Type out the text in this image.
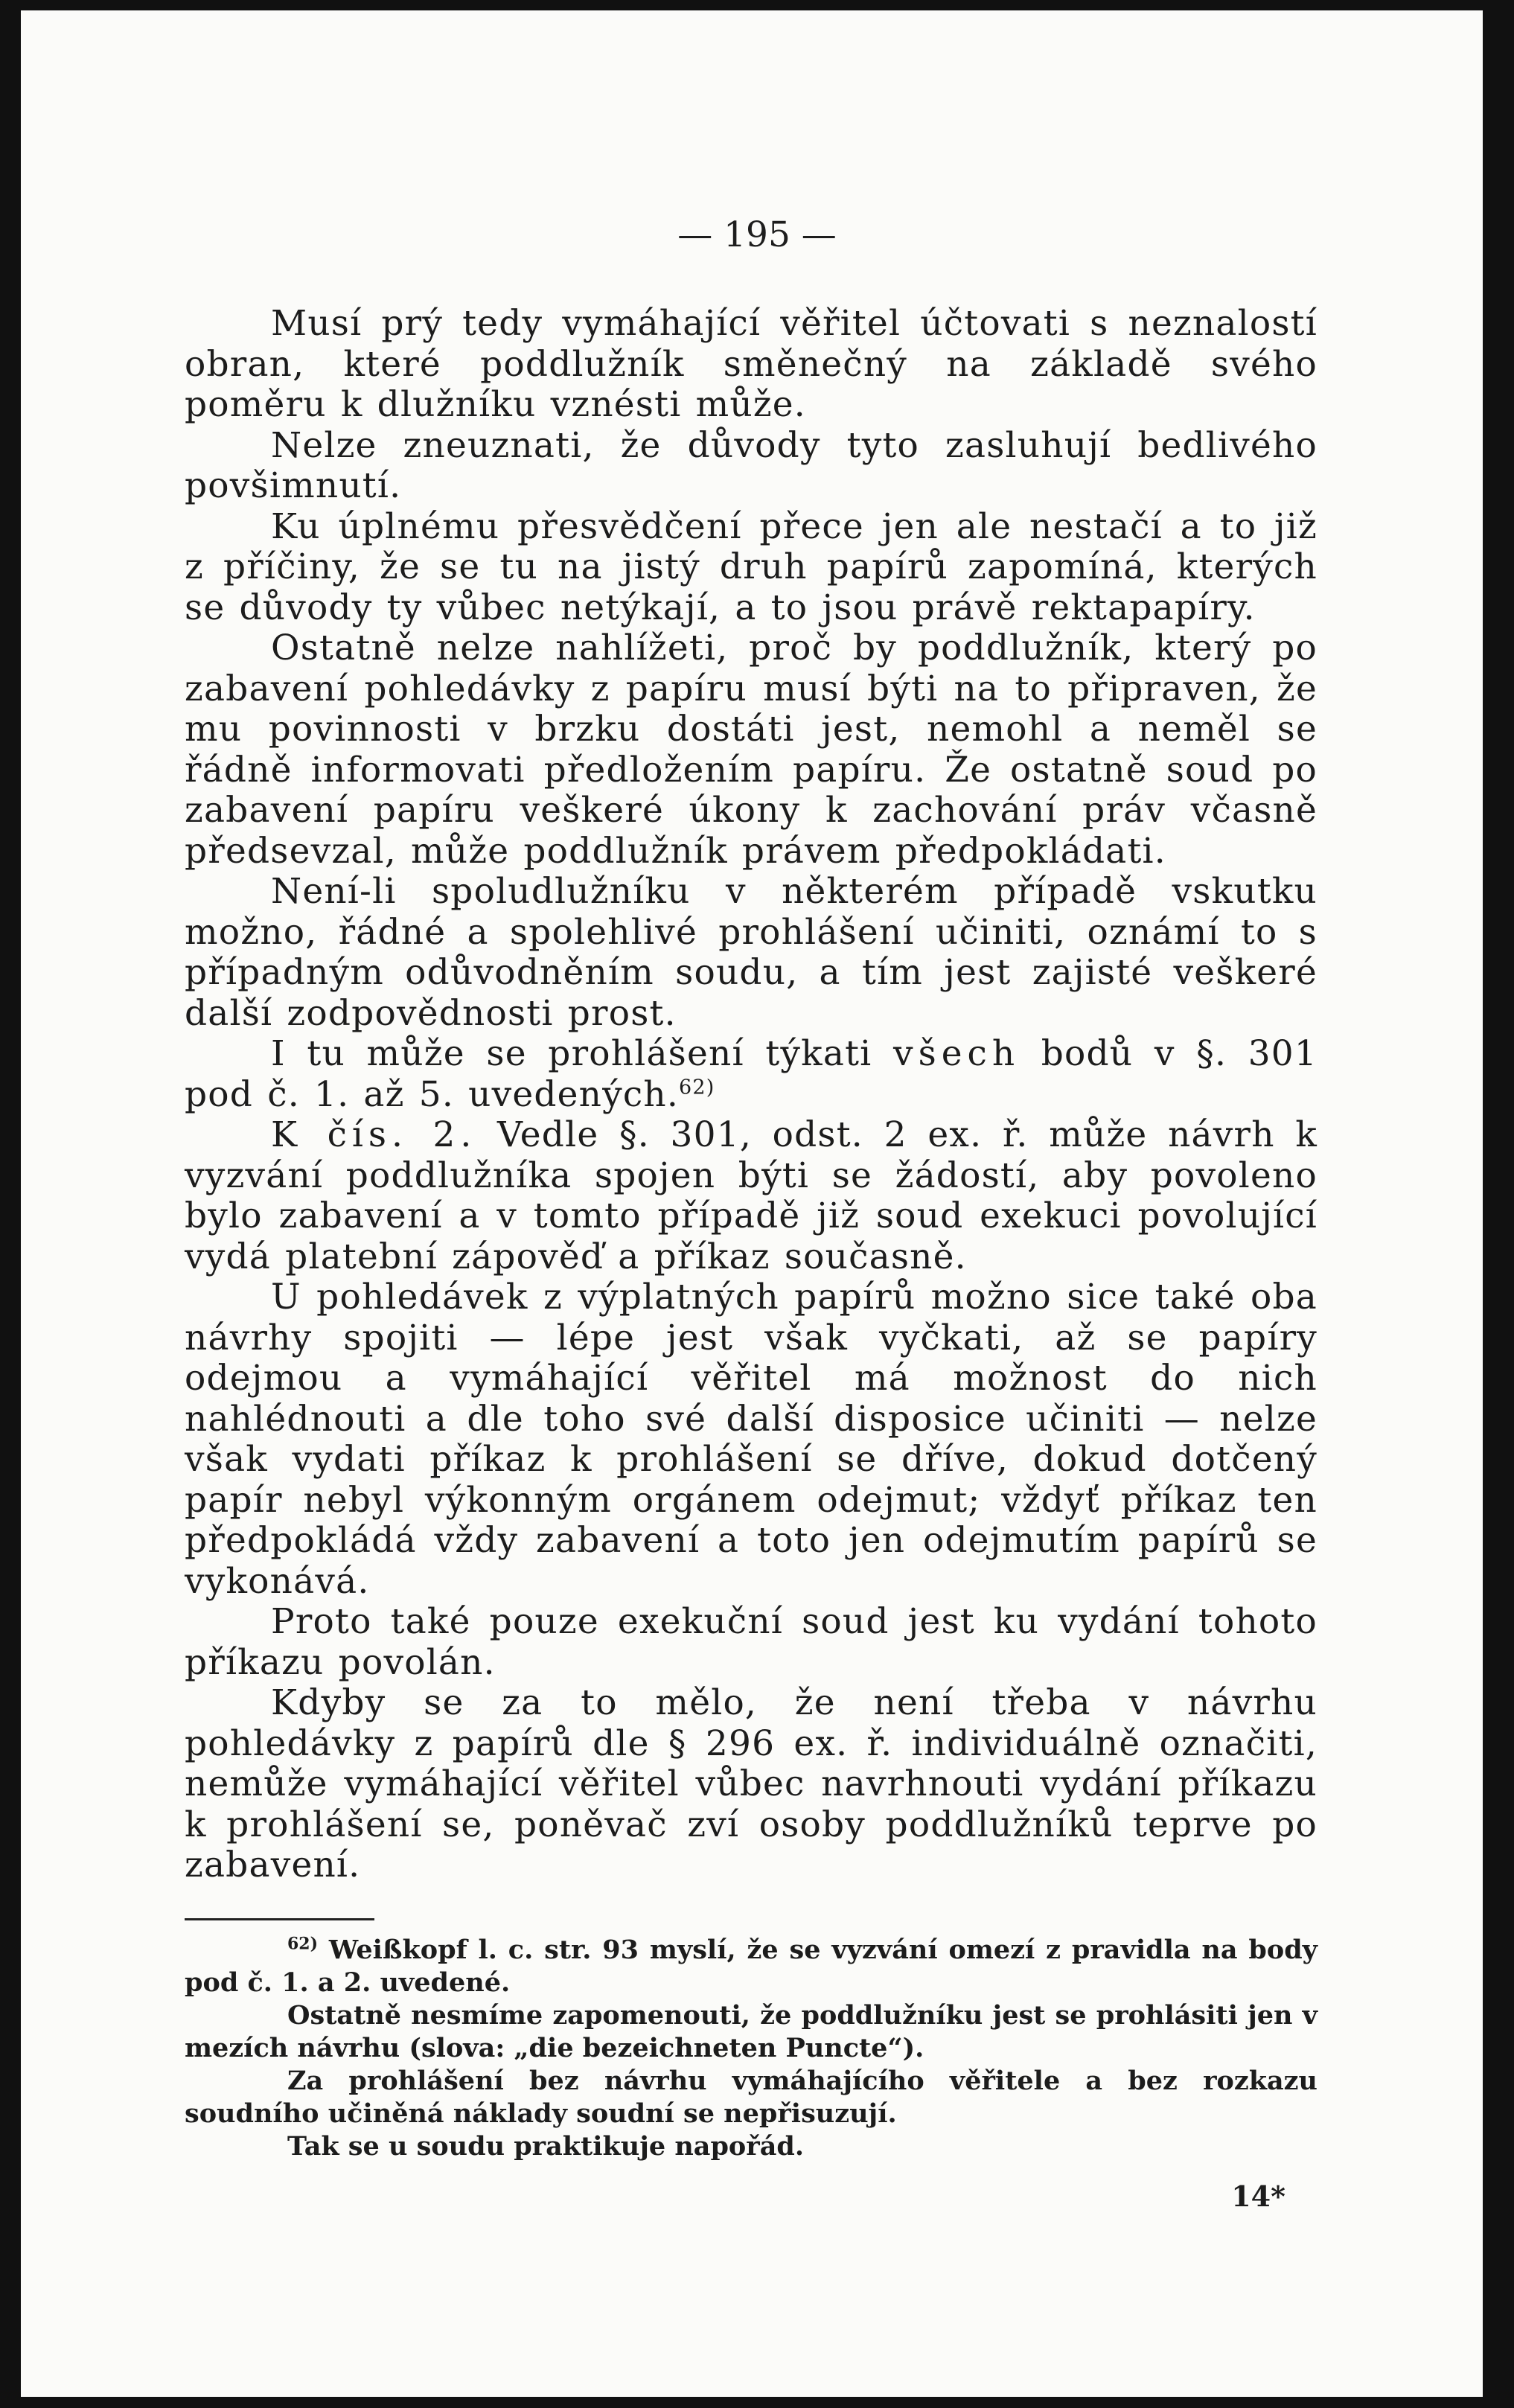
— 195 —

Musí prý tedy vymáhající věřitel účtovati s neznalostí obran, které poddlužník směnečný na základě svého poměru k dlužníku vznésti může.

Nelze zneuznati, že důvody tyto zasluhují bedlivého povšimnutí.

Ku úplnému přesvědčení přece jen ale nestačí a to již z příčiny, že se tu na jistý druh papírů zapomíná, kterých se důvody ty vůbec netýkají, a to jsou právě rektapapíry.

Ostatně nelze nahlížeti, proč by poddlužník, který po zabavení pohledávky z papíru musí býti na to připraven, že mu povinnosti v brzku dostáti jest, nemohl a neměl se řádně informovati předložením papíru. Že ostatně soud po zabavení papíru veškeré úkony k zachování práv včasně předsevzal, může poddlužník právem předpokládati.

Není-li spoludlužníku v některém případě vskutku možno, řádné a spolehlivé prohlášení učiniti, oznámí to s případným odůvodněním soudu, a tím jest zajisté veškeré další zodpovědnosti prost.

I tu může se prohlášení týkati všech bodů v §. 301 pod č. 1. až 5. uvedených.$^{62)}$

K čís. 2. Vedle §. 301, odst. 2 ex. ř. může návrh k vyzvání poddlužníka spojen býti se žádostí, aby povoleno bylo zabavení a v tomto případě již soud exekuci povolující vydá platební zápověď a příkaz současně.

U pohledávek z výplatných papírů možno sice také oba návrhy spojiti — lépe jest však vyčkati, až se papíry odejmou a vymáhající věřitel má možnost do nich nahlédnouti a dle toho své další disposice učiniti — nelze však vydati příkaz k prohlášení se dříve, dokud dotčený papír nebyl výkonným orgánem odejmut; vždyť příkaz ten předpokládá vždy zabavení a toto jen odejmutím papírů se vykonává.

Proto také pouze exekuční soud jest ku vydání tohoto příkazu povolán.

Kdyby se za to mělo, že není třeba v návrhu pohledávky z papírů dle § 296 ex. ř. individuálně označiti, nemůže vymáhající věřitel vůbec navrhnouti vydání příkazu k prohlášení se, poněvač zví osoby poddlužníků teprve po zabavení.

$^{62)}$ Weißkopf l. c. str. 93 myslí, že se vyzvání omezí z pravidla na body pod č. 1. a 2. uvedené.

Ostatně nesmíme zapomenouti, že poddlužníku jest se prohlásiti jen v mezích návrhu (slova: „die bezeichneten Puncte“).

Za prohlášení bez návrhu vymáhajícího věřitele a bez rozkazu soudního učiněná náklady soudní se nepřisuzují.

Tak se u soudu praktikuje napořád.

14*
